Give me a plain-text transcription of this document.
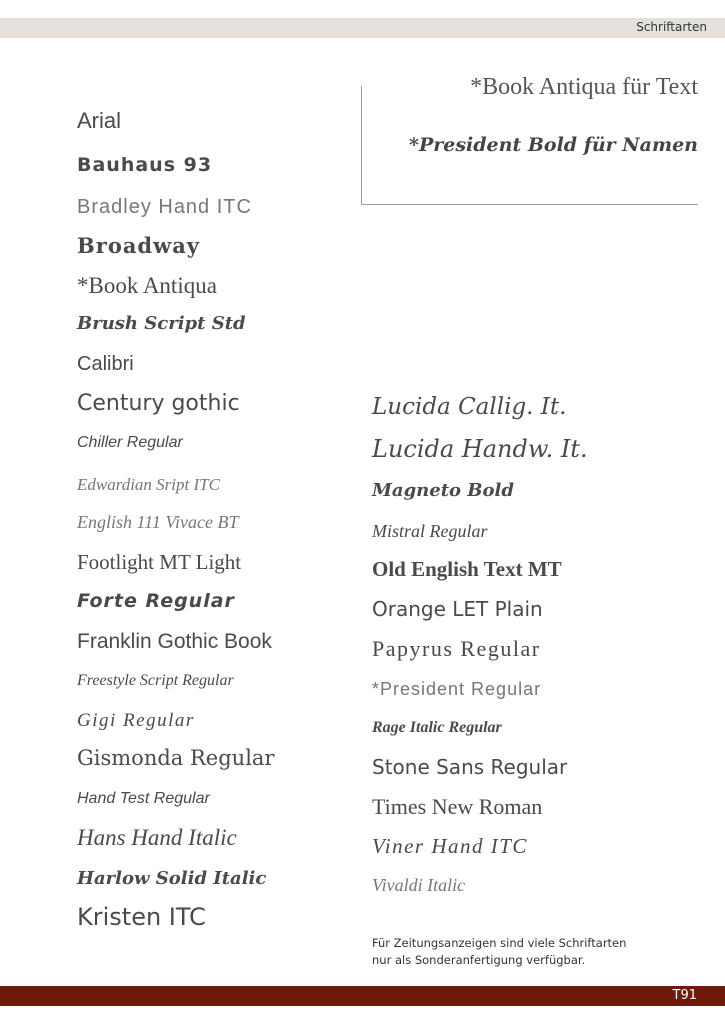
Schriftarten
*Book Antiqua für Text
*President Bold für Namen
Arial
Bauhaus 93
Bradley Hand ITC
Broadway
*Book Antiqua
Brush Script Std
Calibri
Century gothic
Chiller Regular
Edwardian Sript ITC
English 111 Vivace BT
Footlight MT Light
Forte Regular
Franklin Gothic Book
Freestyle Script Regular
Gigi Regular
Gismonda Regular
Hand Test Regular
Hans Hand Italic
Harlow Solid Italic
Kristen ITC
Lucida Callig. It.
Lucida Handw. It.
Magneto Bold
Mistral Regular
Old English Text MT
Orange LET Plain
Papyrus Regular
*President Regular
Rage Italic Regular
Stone Sans Regular
Times New Roman
Viner Hand ITC
Vivaldi Italic
Für Zeitungsanzeigen sind viele Schriftarten
nur als Sonderanfertigung verfügbar.
T91
